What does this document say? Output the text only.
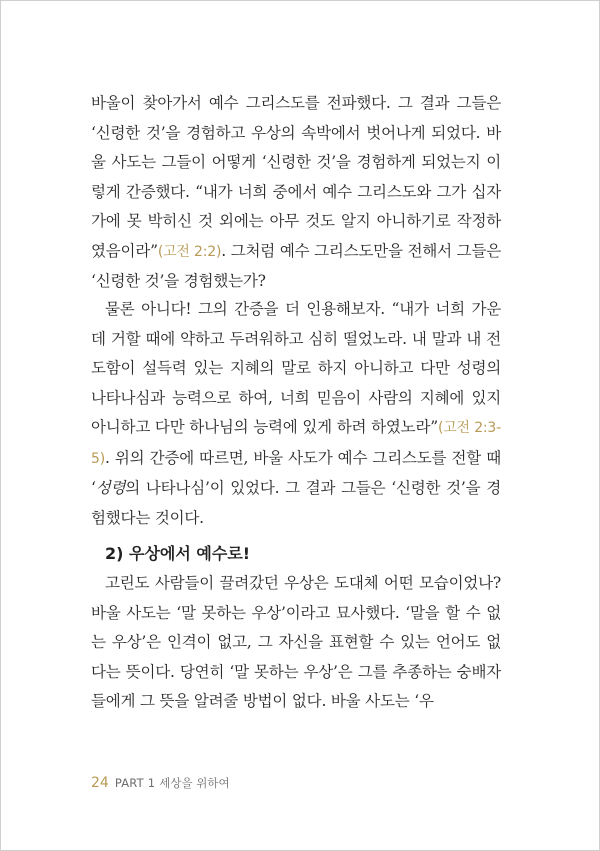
바울이 찾아가서 예수 그리스도를 전파했다. 그 결과 그들은 ‘신령한 것’을 경험하고 우상의 속박에서 벗어나게 되었다. 바울 사도는 그들이 어떻게 ‘신령한 것’을 경험하게 되었는지 이렇게 간증했다. “내가 너희 중에서 예수 그리스도와 그가 십자가에 못 박히신 것 외에는 아무 것도 알지 아니하기로 작정하였음이라”(고전 2:2). 그처럼 예수 그리스도만을 전해서 그들은 ‘신령한 것’을 경험했는가?

물론 아니다! 그의 간증을 더 인용해보자. “내가 너희 가운데 거할 때에 약하고 두려워하고 심히 떨었노라. 내 말과 내 전도함이 설득력 있는 지혜의 말로 하지 아니하고 다만 성령의 나타나심과 능력으로 하여, 너희 믿음이 사람의 지혜에 있지 아니하고 다만 하나님의 능력에 있게 하려 하였노라”(고전 2:3-5). 위의 간증에 따르면, 바울 사도가 예수 그리스도를 전할 때 ‘성령의 나타나심’이 있었다. 그 결과 그들은 ‘신령한 것’을 경험했다는 것이다.

2) 우상에서 예수로!

고린도 사람들이 끌려갔던 우상은 도대체 어떤 모습이었나? 바울 사도는 ‘말 못하는 우상’이라고 묘사했다. ‘말을 할 수 없는 우상’은 인격이 없고, 그 자신을 표현할 수 있는 언어도 없다는 뜻이다. 당연히 ‘말 못하는 우상’은 그를 추종하는 숭배자들에게 그 뜻을 알려줄 방법이 없다. 바울 사도는 ‘우

24 PART 1 세상을 위하여
